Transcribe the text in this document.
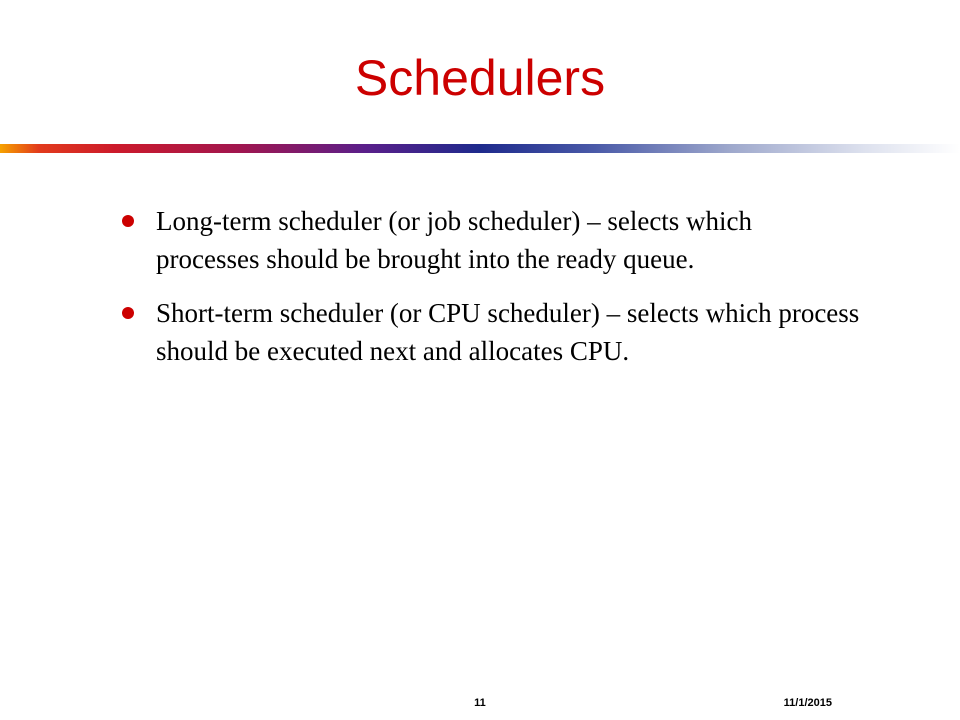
Schedulers
Long-term scheduler (or job scheduler) – selects which processes should be brought into the ready queue.
Short-term scheduler (or CPU scheduler) – selects which process should be executed next and allocates CPU.
11	11/1/2015
